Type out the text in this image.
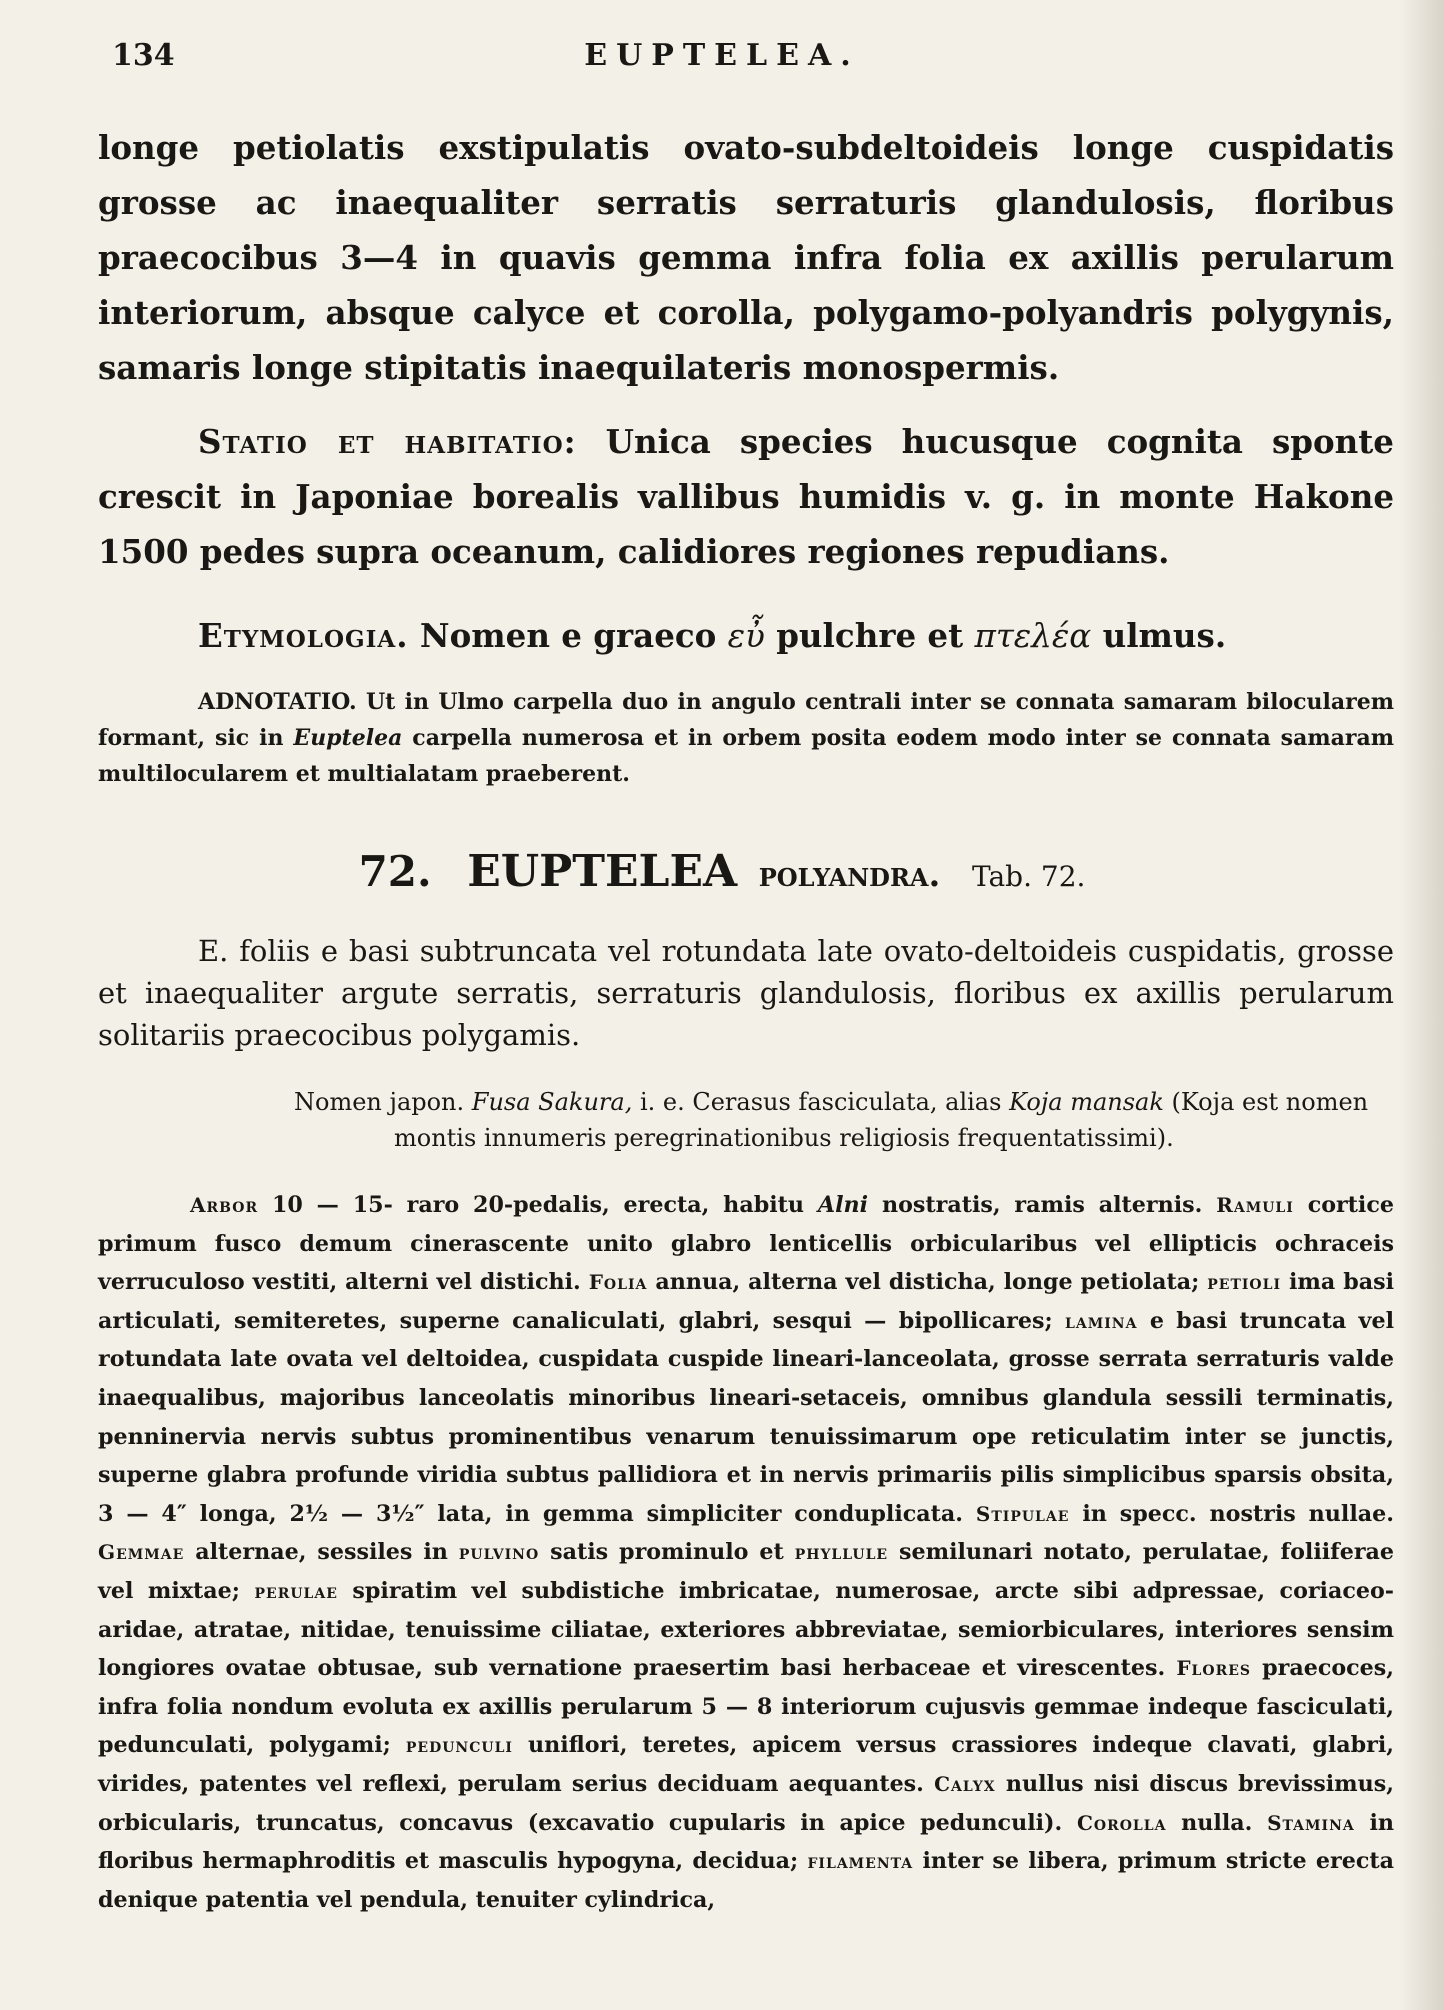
134	EUPTELEA.

longe petiolatis exstipulatis ovato-subdeltoideis longe cuspidatis grosse ac inaequaliter serratis serraturis glandulosis, floribus praecocibus 3—4 in quavis gemma infra folia ex axillis perularum interiorum, absque calyce et corolla, polygamo-polyandris polygynis, samaris longe stipitatis inaequilateris monospermis.

Statio et habitatio: Unica species hucusque cognita sponte crescit in Japoniae borealis vallibus humidis v. g. in monte Hakone 1500 pedes supra oceanum, calidiores regiones repudians.

Etymologia. Nomen e graeco εὖ pulchre et πτελέα ulmus.

ADNOTATIO. Ut in Ulmo carpella duo in angulo centrali inter se connata samaram bilocularem formant, sic in Euptelea carpella numerosa et in orbem posita eodem modo inter se connata samaram multilocularem et multialatam praeberent.

72. EUPTELEA polyandra. Tab. 72.

E. foliis e basi subtruncata vel rotundata late ovato-deltoideis cuspidatis, grosse et inaequaliter argute serratis, serraturis glandulosis, floribus ex axillis perularum solitariis praecocibus polygamis.

Nomen japon. Fusa Sakura, i. e. Cerasus fasciculata, alias Koja mansak (Koja est nomen montis innumeris peregrinationibus religiosis frequentatissimi).

Arbor 10 — 15- raro 20-pedalis, erecta, habitu Alni nostratis, ramis alternis. Ramuli cortice primum fusco demum cinerascente unito glabro lenticellis orbicularibus vel ellipticis ochraceis verruculoso vestiti, alterni vel distichi. Folia annua, alterna vel disticha, longe petiolata; petioli ima basi articulati, semiteretes, superne canaliculati, glabri, sesqui — bipollicares; lamina e basi truncata vel rotundata late ovata vel deltoidea, cuspidata cuspide lineari-lanceolata, grosse serrata serraturis valde inaequalibus, majoribus lanceolatis minoribus lineari-setaceis, omnibus glandula sessili terminatis, penninervia nervis subtus prominentibus venarum tenuissimarum ope reticulatim inter se junctis, superne glabra profunde viridia subtus pallidiora et in nervis primariis pilis simplicibus sparsis obsita, 3 — 4″ longa, 2½ — 3½″ lata, in gemma simpliciter conduplicata. Stipulae in specc. nostris nullae. Gemmae alternae, sessiles in pulvino satis prominulo et phyllule semilunari notato, perulatae, foliiferae vel mixtae; perulae spiratim vel subdistiche imbricatae, numerosae, arcte sibi adpressae, coriaceo-aridae, atratae, nitidae, tenuissime ciliatae, exteriores abbreviatae, semiorbiculares, interiores sensim longiores ovatae obtusae, sub vernatione praesertim basi herbaceae et virescentes. Flores praecoces, infra folia nondum evoluta ex axillis perularum 5 — 8 interiorum cujusvis gemmae indeque fasciculati, pedunculati, polygami; pedunculi uniflori, teretes, apicem versus crassiores indeque clavati, glabri, virides, patentes vel reflexi, perulam serius deciduam aequantes. Calyx nullus nisi discus brevissimus, orbicularis, truncatus, concavus (excavatio cupularis in apice pedunculi). Corolla nulla. Stamina in floribus hermaphroditis et masculis hypogyna, decidua; filamenta inter se libera, primum stricte erecta denique patentia vel pendula, tenuiter cylindrica,
